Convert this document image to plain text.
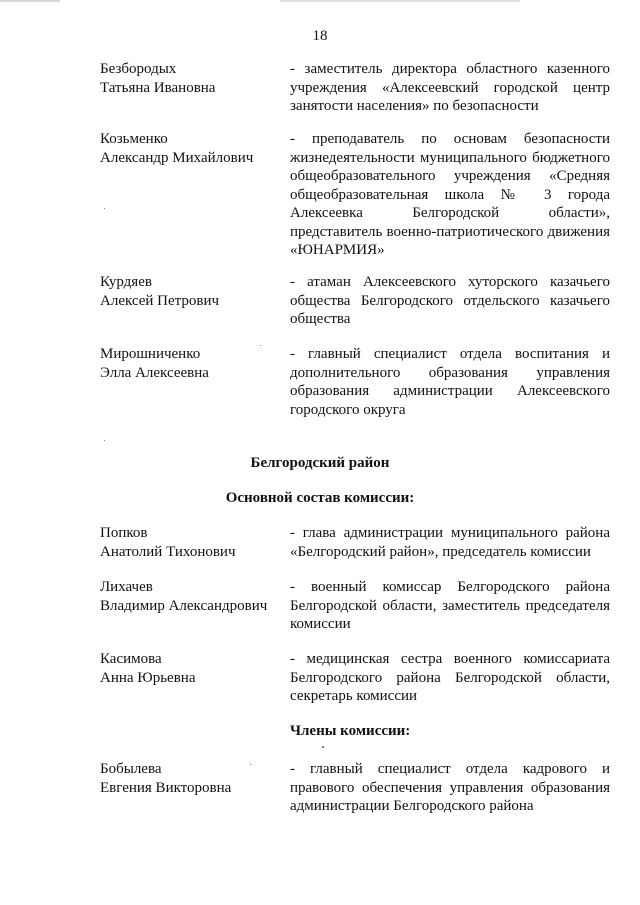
18
Безбородых
Татьяна Ивановна
- заместитель директора областного казенного учреждения «Алексеевский городской центр занятости населения» по безопасности
Козьменко
Александр Михайлович
- преподаватель по основам безопасности жизнедеятельности муниципального бюджетного общеобразовательного учреждения «Средняя общеобразовательная школа № 3 города Алексеевка Белгородской области», представитель военно-патриотического движения «ЮНАРМИЯ»
Курдяев
Алексей Петрович
- атаман Алексеевского хуторского казачьего общества Белгородского отдельского казачьего общества
Мирошниченко
Элла Алексеевна
- главный специалист отдела воспитания и дополнительного образования управления образования администрации Алексеевского городского округа
Белгородский район
Основной состав комиссии:
Попков
Анатолий Тихонович
- глава администрации муниципального района «Белгородский район», председатель комиссии
Лихачев
Владимир Александрович
- военный комиссар Белгородского района Белгородской области, заместитель председателя комиссии
Касимова
Анна Юрьевна
- медицинская сестра военного комиссариата Белгородского района Белгородской области, секретарь комиссии
Члены комиссии:
Бобылева
Евгения Викторовна
- главный специалист отдела кадрового и правового обеспечения управления образования администрации Белгородского района
